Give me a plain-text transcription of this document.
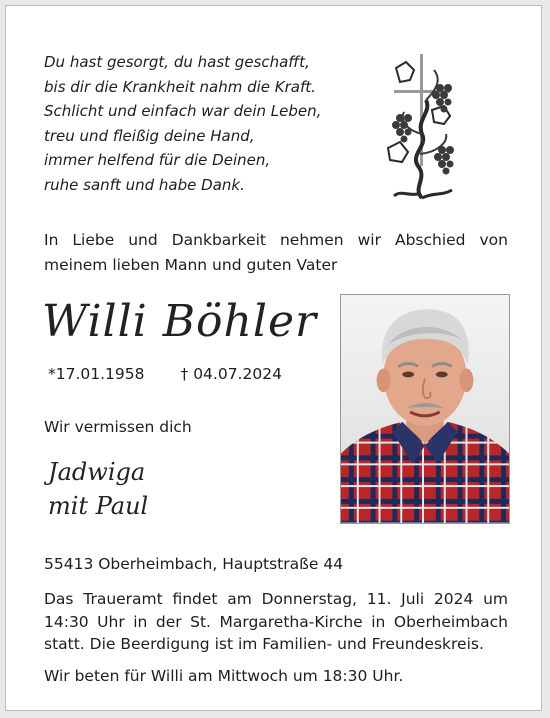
Du hast gesorgt, du hast geschafft,
bis dir die Krankheit nahm die Kraft.
Schlicht und einfach war dein Leben,
treu und fleißig deine Hand,
immer helfend für die Deinen,
ruhe sanft und habe Dank.
In Liebe und Dankbarkeit nehmen wir Abschied von
meinem lieben Mann und guten Vater
Willi Böhler
*17.01.1958 † 04.07.2024
Wir vermissen dich
Jadwiga
mit Paul
55413 Oberheimbach, Hauptstraße 44
Das Traueramt findet am Donnerstag, 11. Juli 2024 um
14:30 Uhr in der St. Margaretha-Kirche in Oberheimbach
statt. Die Beerdigung ist im Familien- und Freundeskreis.
Wir beten für Willi am Mittwoch um 18:30 Uhr.
